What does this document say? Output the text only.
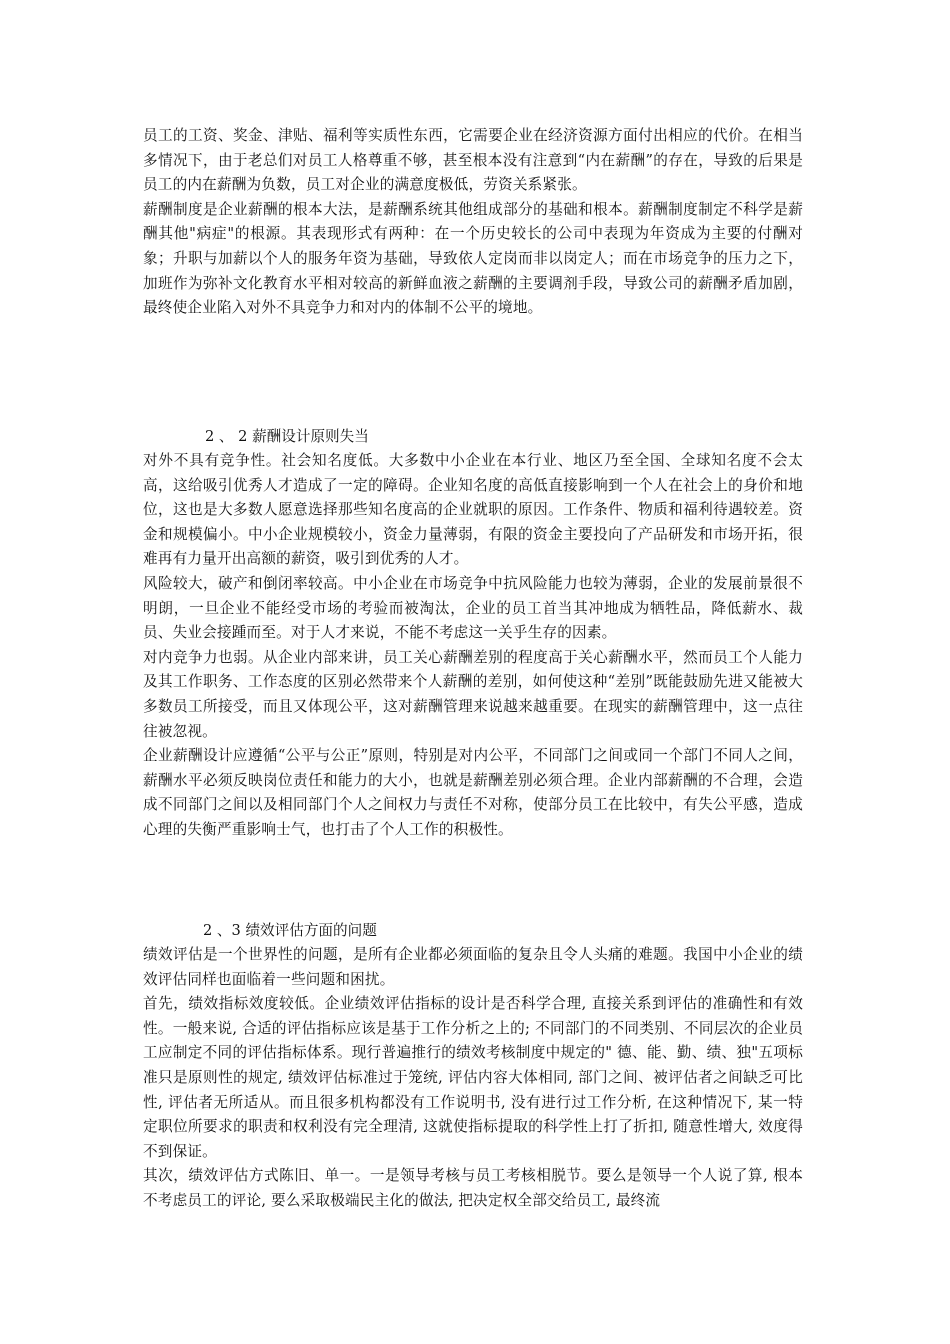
员工的工资、奖金、津贴、福利等实质性东西，它需要企业在经济资源方面付出相应的代价。在相当多情况下，由于老总们对员工人格尊重不够，甚至根本没有注意到“内在薪酬”的存在，导致的后果是员工的内在薪酬为负数，员工对企业的满意度极低，劳资关系紧张。

薪酬制度是企业薪酬的根本大法，是薪酬系统其他组成部分的基础和根本。薪酬制度制定不科学是薪酬其他"病症"的根源。其表现形式有两种：在一个历史较长的公司中表现为年资成为主要的付酬对象；升职与加薪以个人的服务年资为基础，导致依人定岗而非以岗定人；而在市场竞争的压力之下，加班作为弥补文化教育水平相对较高的新鲜血液之薪酬的主要调剂手段，导致公司的薪酬矛盾加剧，最终使企业陷入对外不具竞争力和对内的体制不公平的境地。

2 、 2 薪酬设计原则失当

对外不具有竞争性。社会知名度低。大多数中小企业在本行业、地区乃至全国、全球知名度不会太高，这给吸引优秀人才造成了一定的障碍。企业知名度的高低直接影响到一个人在社会上的身价和地位，这也是大多数人愿意选择那些知名度高的企业就职的原因。工作条件、物质和福利待遇较差。资金和规模偏小。中小企业规模较小，资金力量薄弱，有限的资金主要投向了产品研发和市场开拓，很难再有力量开出高额的薪资，吸引到优秀的人才。

风险较大，破产和倒闭率较高。中小企业在市场竞争中抗风险能力也较为薄弱，企业的发展前景很不明朗，一旦企业不能经受市场的考验而被淘汰，企业的员工首当其冲地成为牺牲品，降低薪水、裁员、失业会接踵而至。对于人才来说，不能不考虑这一关乎生存的因素。

对内竞争力也弱。从企业内部来讲，员工关心薪酬差别的程度高于关心薪酬水平，然而员工个人能力及其工作职务、工作态度的区别必然带来个人薪酬的差别，如何使这种“差别”既能鼓励先进又能被大多数员工所接受，而且又体现公平，这对薪酬管理来说越来越重要。在现实的薪酬管理中，这一点往往被忽视。

企业薪酬设计应遵循“公平与公正”原则，特别是对内公平，不同部门之间或同一个部门不同人之间，薪酬水平必须反映岗位责任和能力的大小，也就是薪酬差别必须合理。企业内部薪酬的不合理，会造成不同部门之间以及相同部门个人之间权力与责任不对称，使部分员工在比较中，有失公平感，造成心理的失衡严重影响士气，也打击了个人工作的积极性。

2 、3 绩效评估方面的问题

绩效评估是一个世界性的问题，是所有企业都必须面临的复杂且令人头痛的难题。我国中小企业的绩效评估同样也面临着一些问题和困扰。

首先，绩效指标效度较低。企业绩效评估指标的设计是否科学合理, 直接关系到评估的准确性和有效性。一般来说, 合适的评估指标应该是基于工作分析之上的; 不同部门的不同类别、不同层次的企业员工应制定不同的评估指标体系。现行普遍推行的绩效考核制度中规定的" 德、能、勤、绩、独"五项标准只是原则性的规定, 绩效评估标准过于笼统, 评估内容大体相同, 部门之间、被评估者之间缺乏可比性, 评估者无所适从。而且很多机构都没有工作说明书, 没有进行过工作分析, 在这种情况下, 某一特定职位所要求的职责和权利没有完全理清, 这就使指标提取的科学性上打了折扣, 随意性增大, 效度得不到保证。

其次，绩效评估方式陈旧、单一。一是领导考核与员工考核相脱节。要么是领导一个人说了算, 根本不考虑员工的评论, 要么采取极端民主化的做法, 把决定权全部交给员工, 最终流
